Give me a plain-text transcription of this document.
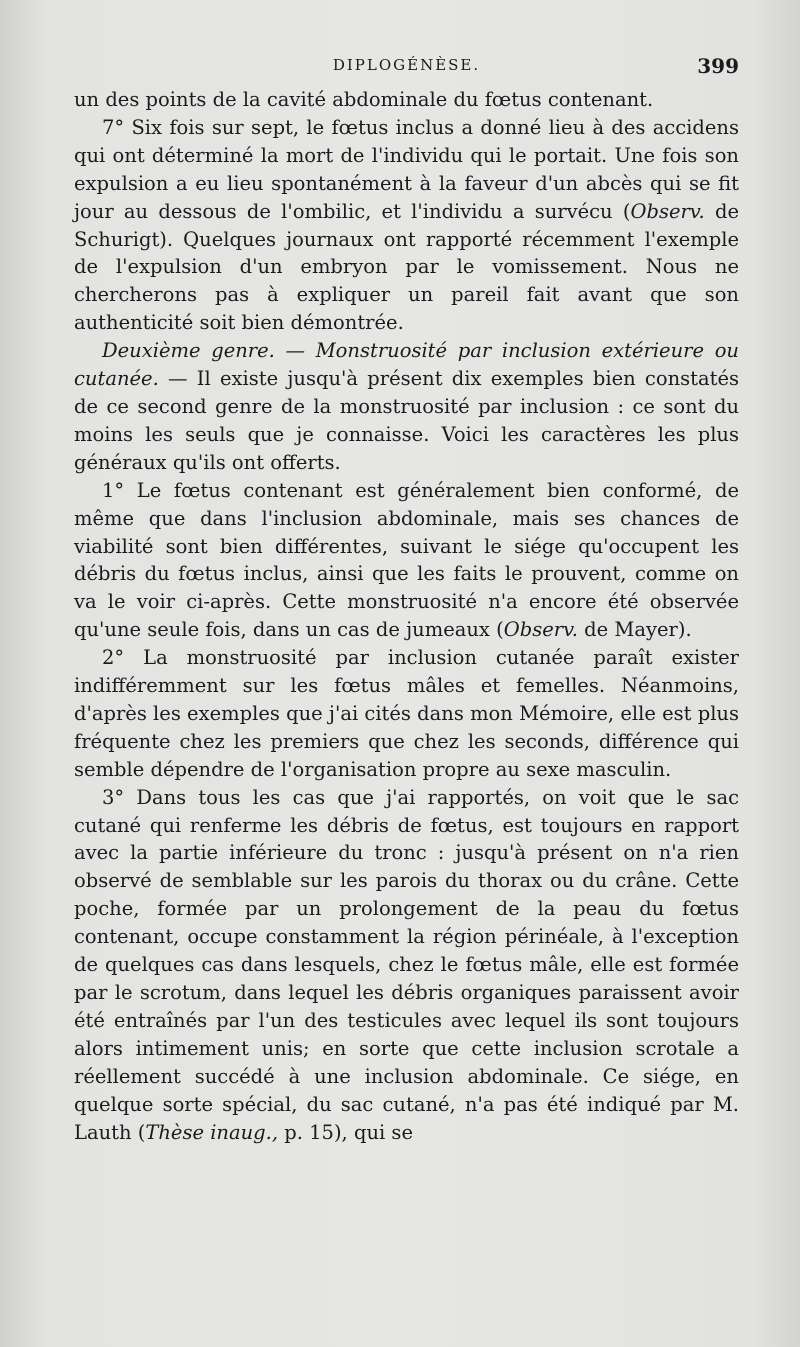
DIPLOGÉNÈSE.	399

un des points de la cavité abdominale du fœtus contenant.

7° Six fois sur sept, le fœtus inclus a donné lieu à des accidens qui ont déterminé la mort de l'individu qui le portait. Une fois son expulsion a eu lieu spontanément à la faveur d'un abcès qui se fit jour au dessous de l'ombilic, et l'individu a survécu (Observ. de Schurigt). Quelques journaux ont rapporté récemment l'exemple de l'expulsion d'un embryon par le vomissement. Nous ne chercherons pas à expliquer un pareil fait avant que son authenticité soit bien démontrée.

Deuxième genre. — Monstruosité par inclusion extérieure ou cutanée. — Il existe jusqu'à présent dix exemples bien constatés de ce second genre de la monstruosité par inclusion : ce sont du moins les seuls que je connaisse. Voici les caractères les plus généraux qu'ils ont offerts.

1° Le fœtus contenant est généralement bien conformé, de même que dans l'inclusion abdominale, mais ses chances de viabilité sont bien différentes, suivant le siége qu'occupent les débris du fœtus inclus, ainsi que les faits le prouvent, comme on va le voir ci-après. Cette monstruosité n'a encore été observée qu'une seule fois, dans un cas de jumeaux (Observ. de Mayer).

2° La monstruosité par inclusion cutanée paraît exister indifféremment sur les fœtus mâles et femelles. Néanmoins, d'après les exemples que j'ai cités dans mon Mémoire, elle est plus fréquente chez les premiers que chez les seconds, différence qui semble dépendre de l'organisation propre au sexe masculin.

3° Dans tous les cas que j'ai rapportés, on voit que le sac cutané qui renferme les débris de fœtus, est toujours en rapport avec la partie inférieure du tronc : jusqu'à présent on n'a rien observé de semblable sur les parois du thorax ou du crâne. Cette poche, formée par un prolongement de la peau du fœtus contenant, occupe constamment la région périnéale, à l'exception de quelques cas dans lesquels, chez le fœtus mâle, elle est formée par le scrotum, dans lequel les débris organiques paraissent avoir été entraînés par l'un des testicules avec lequel ils sont toujours alors intimement unis; en sorte que cette inclusion scrotale a réellement succédé à une inclusion abdominale. Ce siége, en quelque sorte spécial, du sac cutané, n'a pas été indiqué par M. Lauth (Thèse inaug., p. 15), qui se
